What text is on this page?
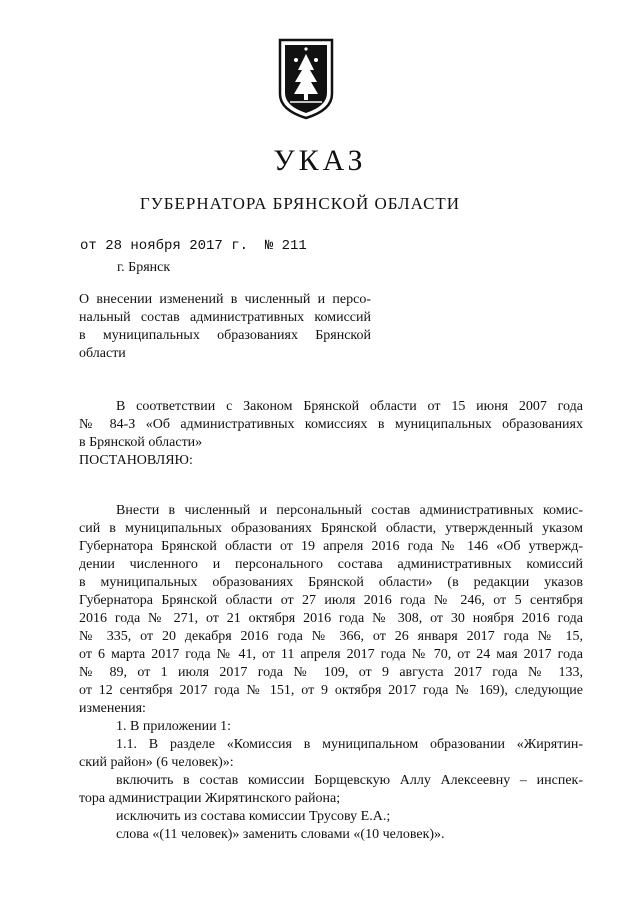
УКАЗ
ГУБЕРНАТОРА БРЯНСКОЙ ОБЛАСТИ
от 28 ноября 2017 г.  № 211
г. Брянск
О внесении изменений в численный и персо-
нальный состав административных комиссий
в муниципальных образованиях Брянской
области
В соответствии с Законом Брянской области от 15 июня 2007 года
№ 84-З «Об административных комиссиях в муниципальных образованиях
в Брянской области»
ПОСТАНОВЛЯЮ:
Внести в численный и персональный состав административных комис-
сий в муниципальных образованиях Брянской области, утвержденный указом
Губернатора Брянской области от 19 апреля 2016 года № 146 «Об утвержд-
дении численного и персонального состава административных комиссий
в муниципальных образованиях Брянской области» (в редакции указов
Губернатора Брянской области от 27 июля 2016 года № 246, от 5 сентября
2016 года № 271, от 21 октября 2016 года № 308, от 30 ноября 2016 года
№ 335, от 20 декабря 2016 года № 366, от 26 января 2017 года № 15,
от 6 марта 2017 года № 41, от 11 апреля 2017 года № 70, от 24 мая 2017 года
№ 89, от 1 июля 2017 года № 109, от 9 августа 2017 года № 133,
от 12 сентября 2017 года № 151, от 9 октября 2017 года № 169), следующие
изменения:
1. В приложении 1:
1.1. В разделе «Комиссия в муниципальном образовании «Жирятин-
ский район» (6 человек)»:
включить в состав комиссии Борщевскую Аллу Алексеевну – инспек-
тора администрации Жирятинского района;
исключить из состава комиссии Трусову Е.А.;
слова «(11 человек)» заменить словами «(10 человек)».
